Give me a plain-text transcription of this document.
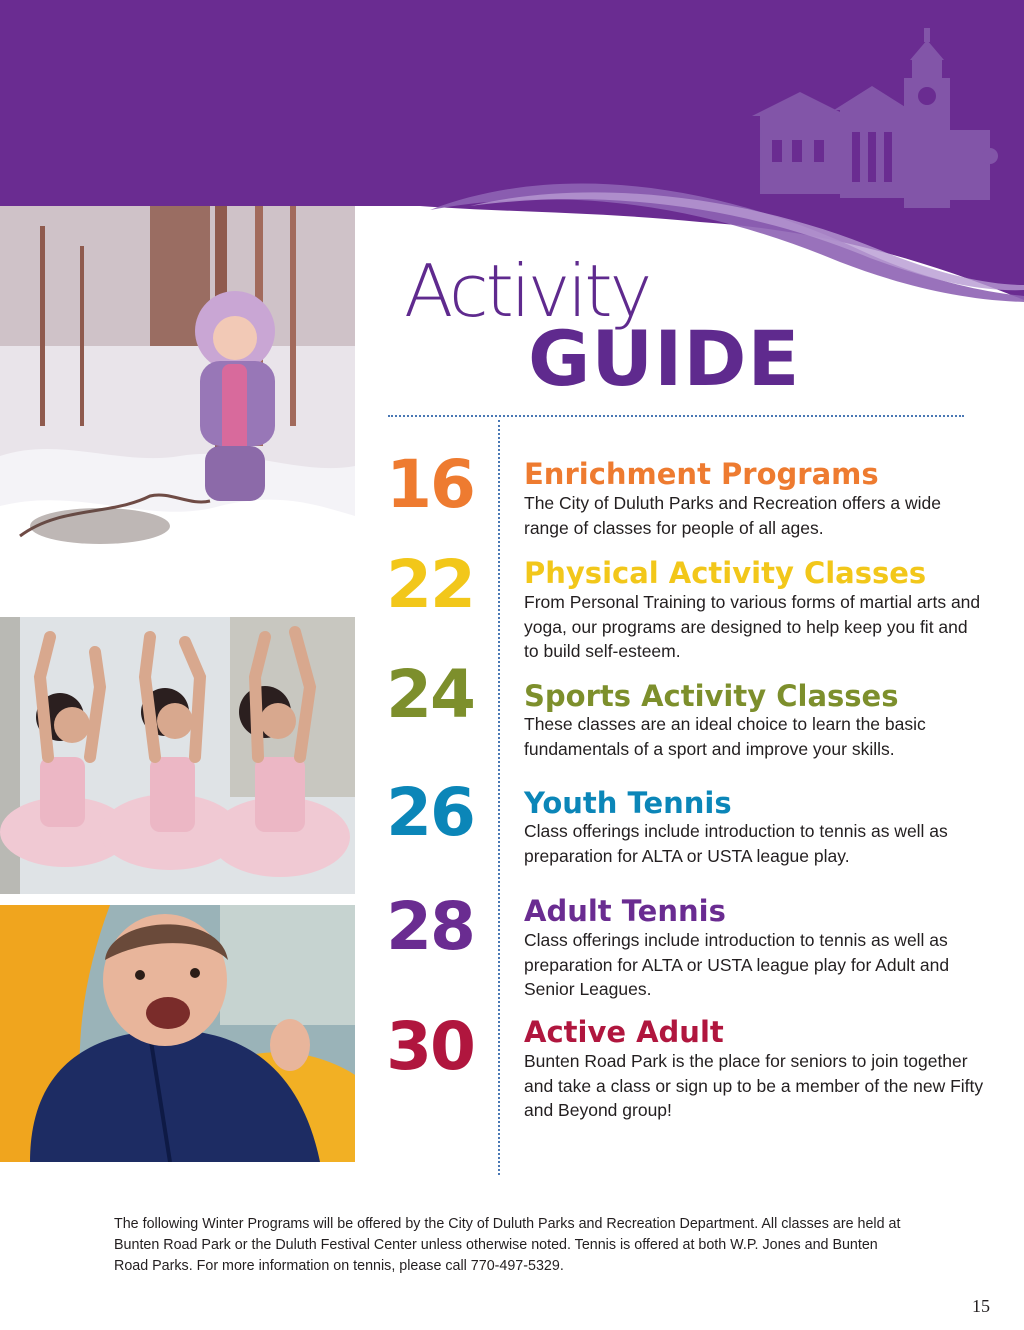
Activity
GUIDE
16 Enrichment Programs
The City of Duluth Parks and Recreation offers a wide range of classes for people of all ages.
22 Physical Activity Classes
From Personal Training to various forms of martial arts and yoga, our programs are designed to help keep you fit and to build self-esteem.
24 Sports Activity Classes
These classes are an ideal choice to learn the basic fundamentals of a sport and improve your skills.
26 Youth Tennis
Class offerings include introduction to tennis as well as preparation for ALTA or USTA league play.
28 Adult Tennis
Class offerings include introduction to tennis as well as preparation for ALTA or USTA league play for Adult and Senior Leagues.
30 Active Adult
Bunten Road Park is the place for seniors to join together and take a class or sign up to be a member of the new Fifty and Beyond group!
The following Winter Programs will be offered by the City of Duluth Parks and Recreation Department. All classes are held at Bunten Road Park or the Duluth Festival Center unless otherwise noted. Tennis is offered at both W.P. Jones and Bunten Road Parks. For more information on tennis, please call 770-497-5329.
15
